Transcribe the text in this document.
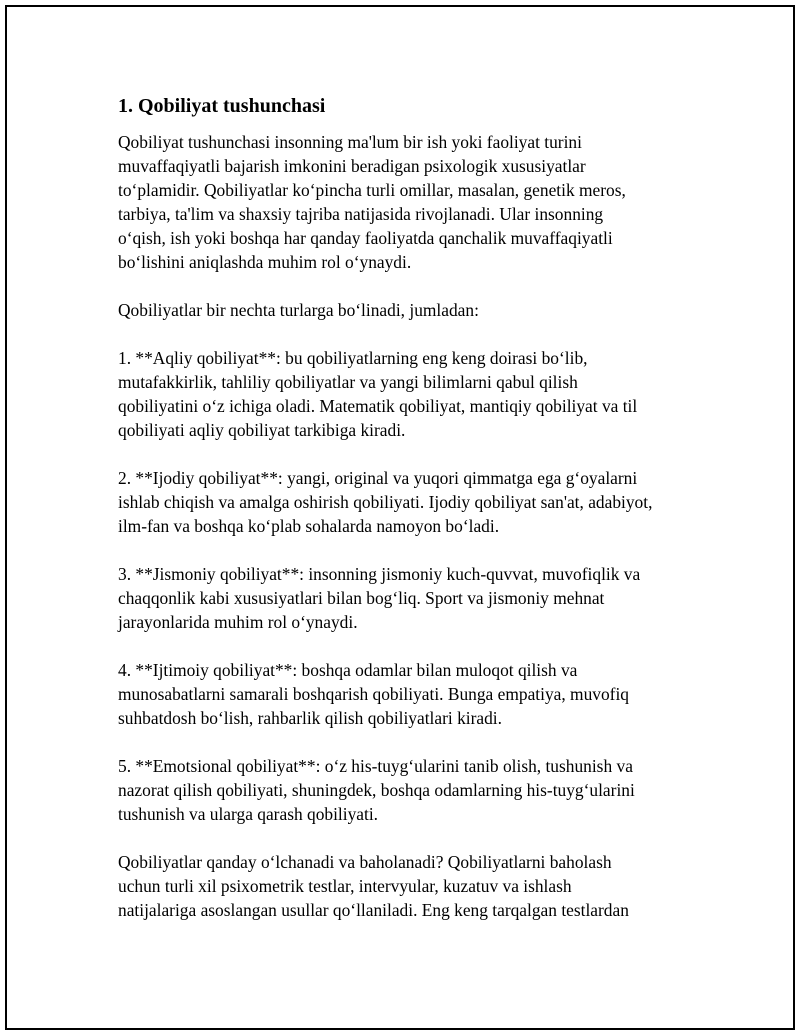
1. Qobiliyat tushunchasi

Qobiliyat tushunchasi insonning ma'lum bir ish yoki faoliyat turini
muvaffaqiyatli bajarish imkonini beradigan psixologik xususiyatlar
to‘plamidir. Qobiliyatlar ko‘pincha turli omillar, masalan, genetik meros,
tarbiya, ta'lim va shaxsiy tajriba natijasida rivojlanadi. Ular insonning
o‘qish, ish yoki boshqa har qanday faoliyatda qanchalik muvaffaqiyatli
bo‘lishini aniqlashda muhim rol o‘ynaydi.

Qobiliyatlar bir nechta turlarga bo‘linadi, jumladan:

1. **Aqliy qobiliyat**: bu qobiliyatlarning eng keng doirasi bo‘lib,
mutafakkirlik, tahliliy qobiliyatlar va yangi bilimlarni qabul qilish
qobiliyatini o‘z ichiga oladi. Matematik qobiliyat, mantiqiy qobiliyat va til
qobiliyati aqliy qobiliyat tarkibiga kiradi.

2. **Ijodiy qobiliyat**: yangi, original va yuqori qimmatga ega g‘oyalarni
ishlab chiqish va amalga oshirish qobiliyati. Ijodiy qobiliyat san'at, adabiyot,
ilm-fan va boshqa ko‘plab sohalarda namoyon bo‘ladi.

3. **Jismoniy qobiliyat**: insonning jismoniy kuch-quvvat, muvofiqlik va
chaqqonlik kabi xususiyatlari bilan bog‘liq. Sport va jismoniy mehnat
jarayonlarida muhim rol o‘ynaydi.

4. **Ijtimoiy qobiliyat**: boshqa odamlar bilan muloqot qilish va
munosabatlarni samarali boshqarish qobiliyati. Bunga empatiya, muvofiq
suhbatdosh bo‘lish, rahbarlik qilish qobiliyatlari kiradi.

5. **Emotsional qobiliyat**: o‘z his-tuyg‘ularini tanib olish, tushunish va
nazorat qilish qobiliyati, shuningdek, boshqa odamlarning his-tuyg‘ularini
tushunish va ularga qarash qobiliyati.

Qobiliyatlar qanday o‘lchanadi va baholanadi? Qobiliyatlarni baholash
uchun turli xil psixometrik testlar, intervyular, kuzatuv va ishlash
natijalariga asoslangan usullar qo‘llaniladi. Eng keng tarqalgan testlardan
